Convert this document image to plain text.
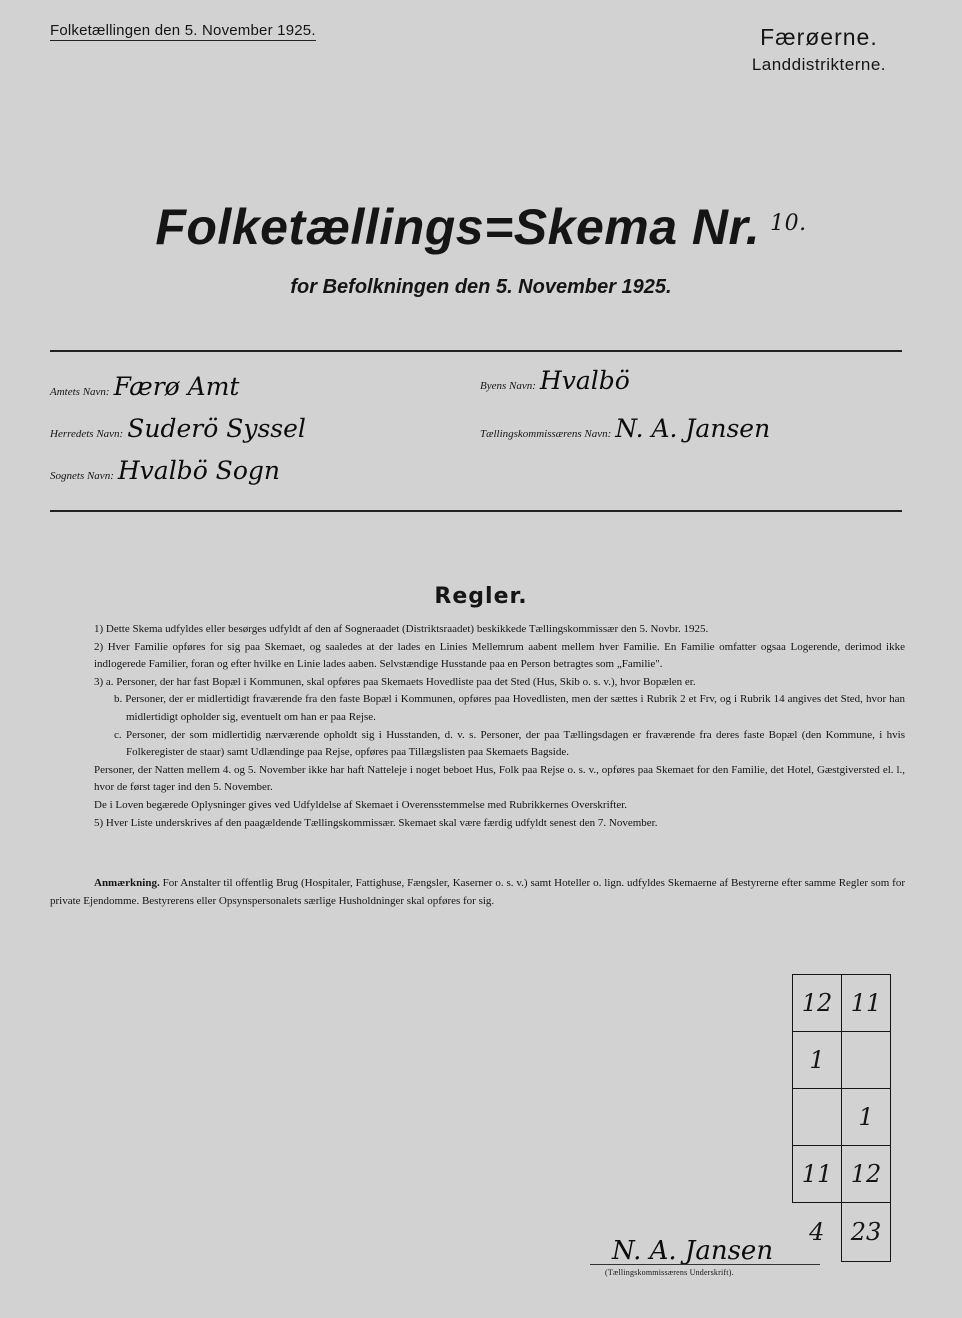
Folketællingen den 5. November 1925.	Færøerne.
Landdistrikterne.
Folketællings=Skema Nr. $^{10.}$
for Befolkningen den 5. November 1925.
Amtets Navn: Færø Amt	Byens Navn: Hvalbö
Herredets Navn: Suderö Syssel	Tællingskommissærens Navn: N. A. Jansen
Sognets Navn: Hvalbö Sogn
Regler.

1) Dette Skema udfyldes eller besørges udfyldt af den af Sogneraadet (Distriktsraadet) beskikkede Tællingskommissær den 5. Novbr. 1925.

2) Hver Familie opføres for sig paa Skemaet, og saaledes at der lades en Linies Mellemrum aabent mellem hver Familie. En Familie omfatter ogsaa Logerende, derimod ikke indlogerede Familier, foran og efter hvilke en Linie lades aaben. Selvstændige Husstande paa en Person betragtes som „Familie".

3) a. Personer, der har fast Bopæl i Kommunen, skal opføres paa Skemaets Hovedliste paa det Sted (Hus, Skib o. s. v.), hvor Bopælen er.

b. Personer, der er midlertidigt fraværende fra den faste Bopæl i Kommunen, opføres paa Hovedlisten, men der sættes i Rubrik 2 et Frv, og i Rubrik 14 angives det Sted, hvor han midlertidigt opholder sig, eventuelt om han er paa Rejse.

c. Personer, der som midlertidig nærværende opholdt sig i Husstanden, d. v. s. Personer, der paa Tællingsdagen er fraværende fra deres faste Bopæl (den Kommune, i hvis Folkeregister de staar) samt Udlændinge paa Rejse, opføres paa Tillægslisten paa Skemaets Bagside.

Personer, der Natten mellem 4. og 5. November ikke har haft Natteleje i noget beboet Hus, Folk paa Rejse o. s. v., opføres paa Skemaet for den Familie, det Hotel, Gæstgiversted el. l., hvor de først tager ind den 5. November.

De i Loven begærede Oplysninger gives ved Udfyldelse af Skemaet i Overensstemmelse med Rubrikkernes Overskrifter.

5) Hver Liste underskrives af den paagældende Tællingskommissær. Skemaet skal være færdig udfyldt senest den 7. November.

Anmærkning. For Anstalter til offentlig Brug (Hospitaler, Fattighuse, Fængsler, Kaserner o. s. v.) samt Hoteller o. lign. udfyldes Skemaerne af Bestyrerne efter samme Regler som for private Ejendomme. Bestyrerens eller Opsynspersonalets særlige Husholdninger skal opføres for sig.
12	11
1	
	1
11	12
4	23
N. A. Jansen
(Tællingskommissærens Underskrift).
